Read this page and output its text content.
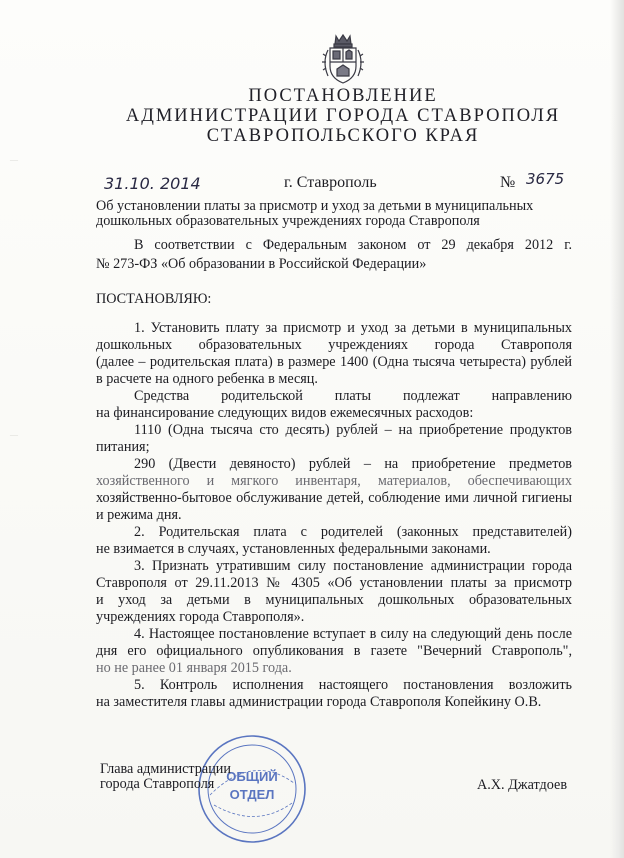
—
—
ПОСТАНОВЛЕНИЕ
АДМИНИСТРАЦИИ ГОРОДА СТАВРОПОЛЯ
СТАВРОПОЛЬСКОГО КРАЯ
31.10. 2014	г. Ставрополь	№ 3675
Об установлении платы за присмотр и уход за детьми в муниципальных
дошкольных образовательных учреждениях города Ставрополя
В соответствии с Федеральным законом от 29 декабря 2012 г.
№ 273-ФЗ «Об образовании в Российской Федерации»
ПОСТАНОВЛЯЮ:
1. Установить плату за присмотр и уход за детьми в муниципальных
дошкольных образовательных учреждениях города Ставрополя
(далее – родительская плата) в размере 1400 (Одна тысяча четыреста) рублей
в расчете на одного ребенка в месяц.
Средства родительской платы подлежат направлению
на финансирование следующих видов ежемесячных расходов:
1110 (Одна тысяча сто десять) рублей – на приобретение продуктов
питания;
290 (Двести девяносто) рублей – на приобретение предметов
хозяйственного и мягкого инвентаря, материалов, обеспечивающих
хозяйственно-бытовое обслуживание детей, соблюдение ими личной гигиены
и режима дня.
2. Родительская плата с родителей (законных представителей)
не взимается в случаях, установленных федеральными законами.
3. Признать утратившим силу постановление администрации города
Ставрополя от 29.11.2013 № 4305 «Об установлении платы за присмотр
и уход за детьми в муниципальных дошкольных образовательных
учреждениях города Ставрополя».
4. Настоящее постановление вступает в силу на следующий день после
дня его официального опубликования в газете "Вечерний Ставрополь",
но не ранее 01 января 2015 года.
5. Контроль исполнения настоящего постановления возложить
на заместителя главы администрации города Ставрополя Копейкину О.В.
ОБЩИЙ
ОТДЕЛ
Глава администрации
города Ставрополя	А.Х. Джатдоев
